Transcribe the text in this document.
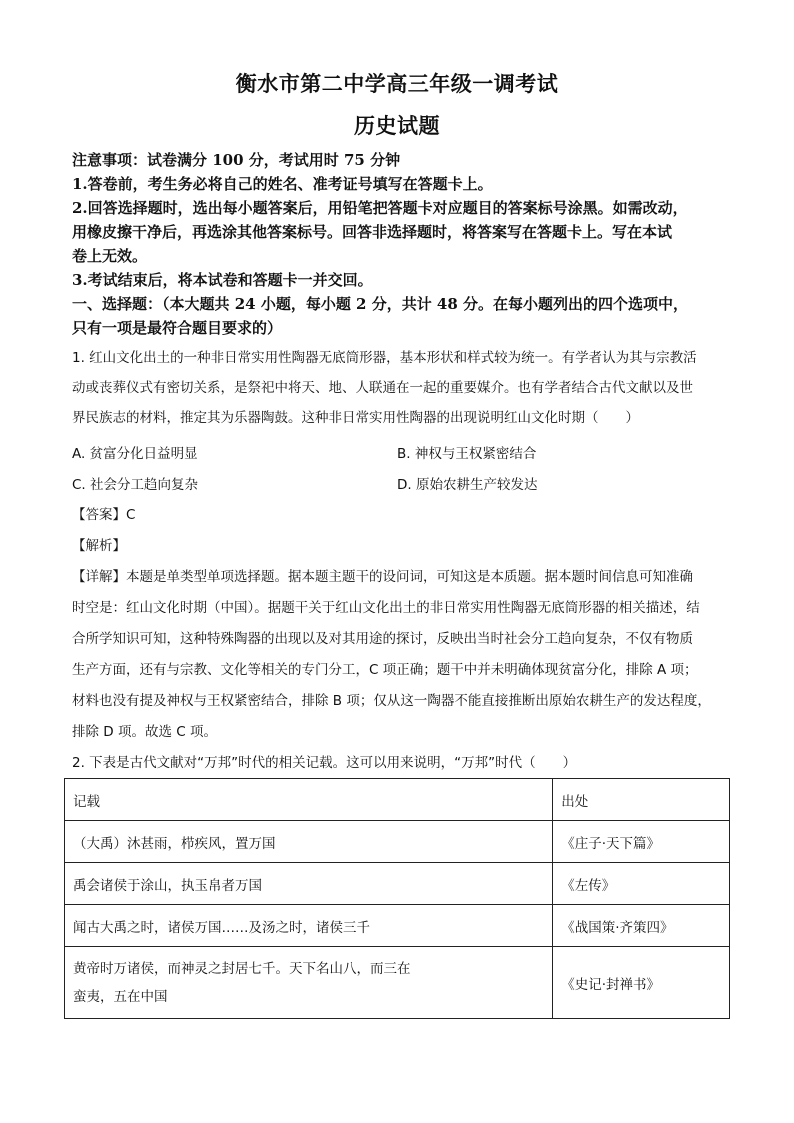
衡水市第二中学高三年级一调考试
历史试题
注意事项：试卷满分 100 分，考试用时 75 分钟
1.答卷前，考生务必将自己的姓名、准考证号填写在答题卡上。
2.回答选择题时，选出每小题答案后，用铅笔把答题卡对应题目的答案标号涂黑。如需改动，
用橡皮擦干净后，再选涂其他答案标号。回答非选择题时，将答案写在答题卡上。写在本试
卷上无效。
3.考试结束后，将本试卷和答题卡一并交回。
一、选择题：（本大题共 24 小题，每小题 2 分，共计 48 分。在每小题列出的四个选项中，
只有一项是最符合题目要求的）
1. 红山文化出土的一种非日常实用性陶器无底筒形器，基本形状和样式较为统一。有学者认为其与宗教活
动或丧葬仪式有密切关系，是祭祀中将天、地、人联通在一起的重要媒介。也有学者结合古代文献以及世
界民族志的材料，推定其为乐器陶鼓。这种非日常实用性陶器的出现说明红山文化时期（　　）
A. 贫富分化日益明显	B. 神权与王权紧密结合
C. 社会分工趋向复杂	D. 原始农耕生产较发达
【答案】C
【解析】
【详解】本题是单类型单项选择题。据本题主题干的设问词，可知这是本质题。据本题时间信息可知准确
时空是：红山文化时期（中国）。据题干关于红山文化出土的非日常实用性陶器无底筒形器的相关描述，结
合所学知识可知，这种特殊陶器的出现以及对其用途的探讨，反映出当时社会分工趋向复杂，不仅有物质
生产方面，还有与宗教、文化等相关的专门分工，C 项正确；题干中并未明确体现贫富分化，排除 A 项；
材料也没有提及神权与王权紧密结合，排除 B 项；仅从这一陶器不能直接推断出原始农耕生产的发达程度，
排除 D 项。故选 C 项。
2. 下表是古代文献对“万邦”时代的相关记载。这可以用来说明，“万邦”时代（　　）
记载	出处
（大禹）沐甚雨，栉疾风，置万国	《庄子·天下篇》
禹会诸侯于涂山，执玉帛者万国	《左传》
闻古大禹之时，诸侯万国……及汤之时，诸侯三千	《战国策·齐策四》

黄帝时万诸侯，而神灵之封居七千。天下名山八，而三在
蛮夷，五在中国	《史记·封禅书》
